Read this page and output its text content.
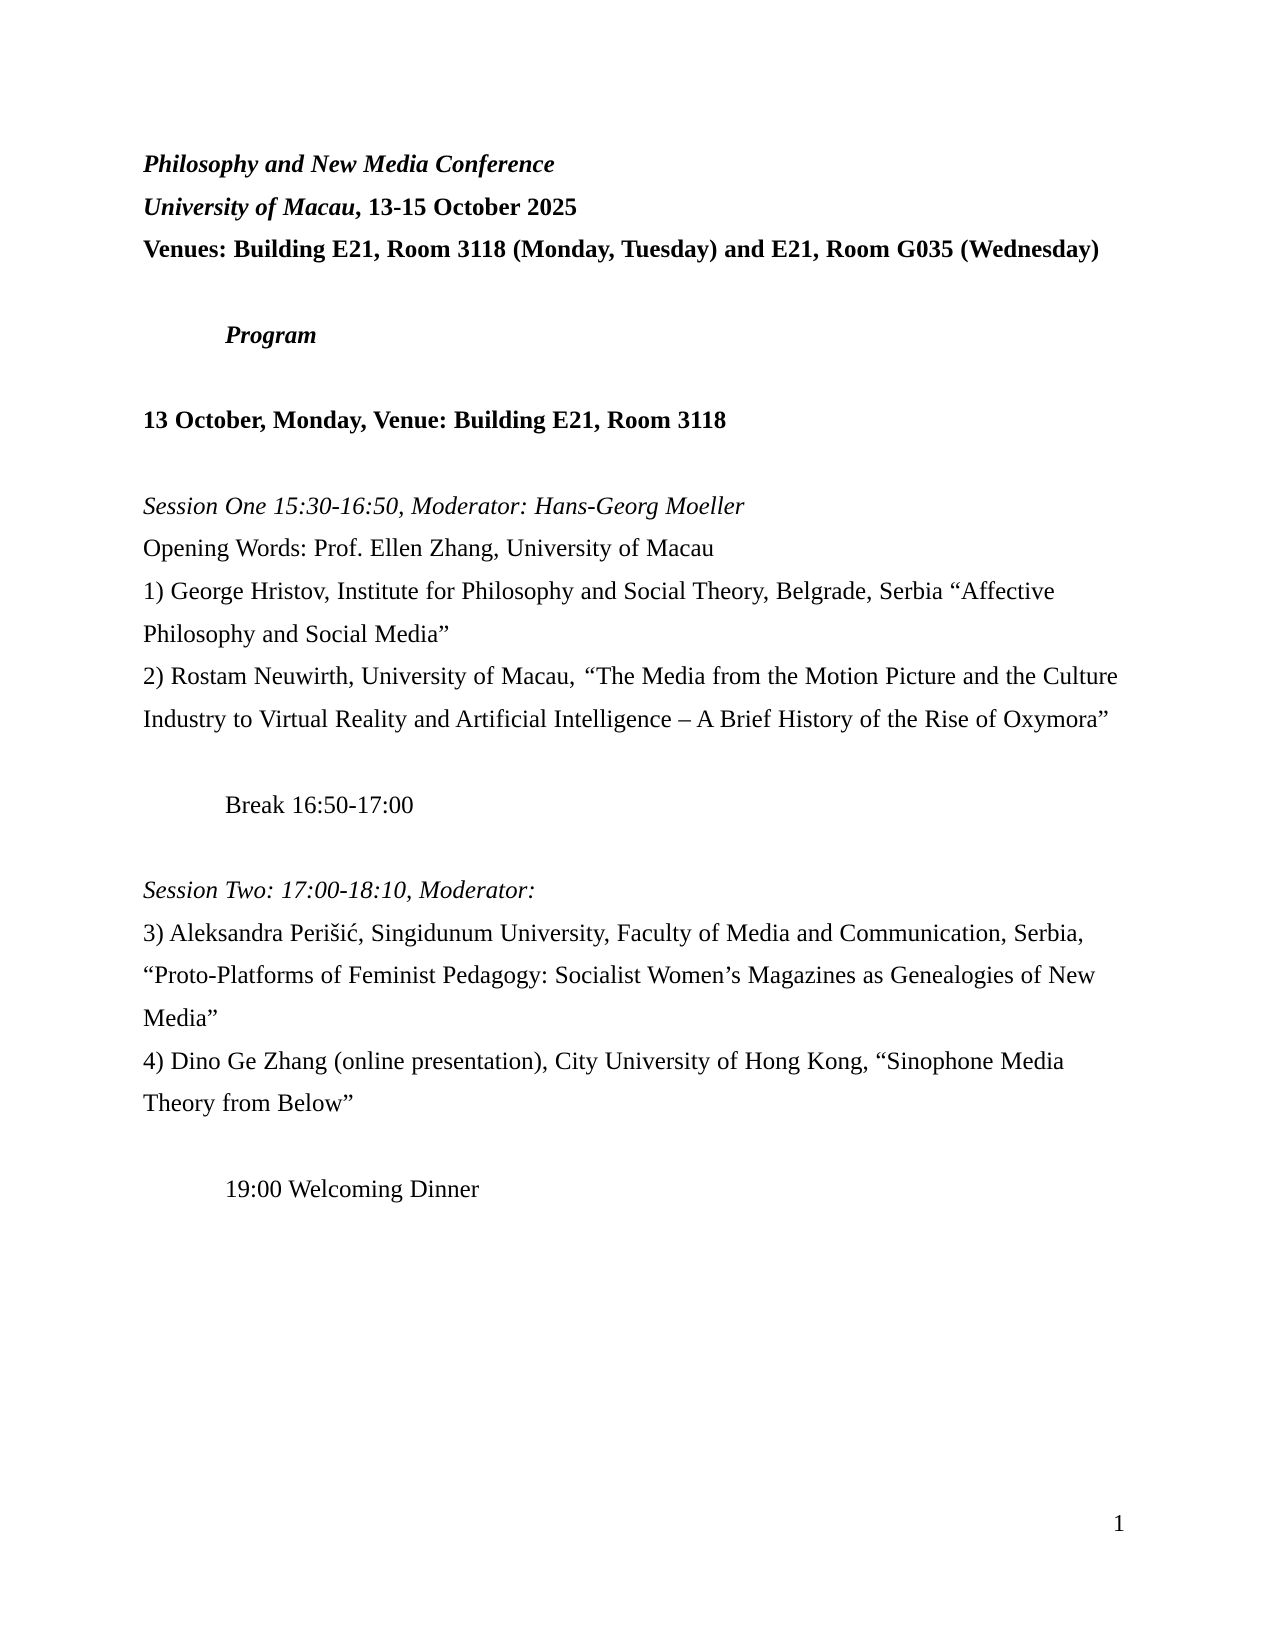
Philosophy and New Media Conference

University of Macau, 13-15 October 2025

Venues: Building E21, Room 3118 (Monday, Tuesday) and E21, Room G035 (Wednesday)

Program

13 October, Monday, Venue: Building E21, Room 3118

Session One 15:30-16:50, Moderator: Hans-Georg Moeller

Opening Words: Prof. Ellen Zhang, University of Macau

1) George Hristov, Institute for Philosophy and Social Theory, Belgrade, Serbia “Affective Philosophy and Social Media”

2) Rostam Neuwirth, University of Macau, “The Media from the Motion Picture and the Culture Industry to Virtual Reality and Artificial Intelligence – A Brief History of the Rise of Oxymora”

Break 16:50-17:00

Session Two: 17:00-18:10, Moderator:

3) Aleksandra Perišić, Singidunum University, Faculty of Media and Communication, Serbia, “Proto-Platforms of Feminist Pedagogy: Socialist Women’s Magazines as Genealogies of New Media”

4) Dino Ge Zhang (online presentation), City University of Hong Kong, “Sinophone Media Theory from Below”

19:00 Welcoming Dinner

1
